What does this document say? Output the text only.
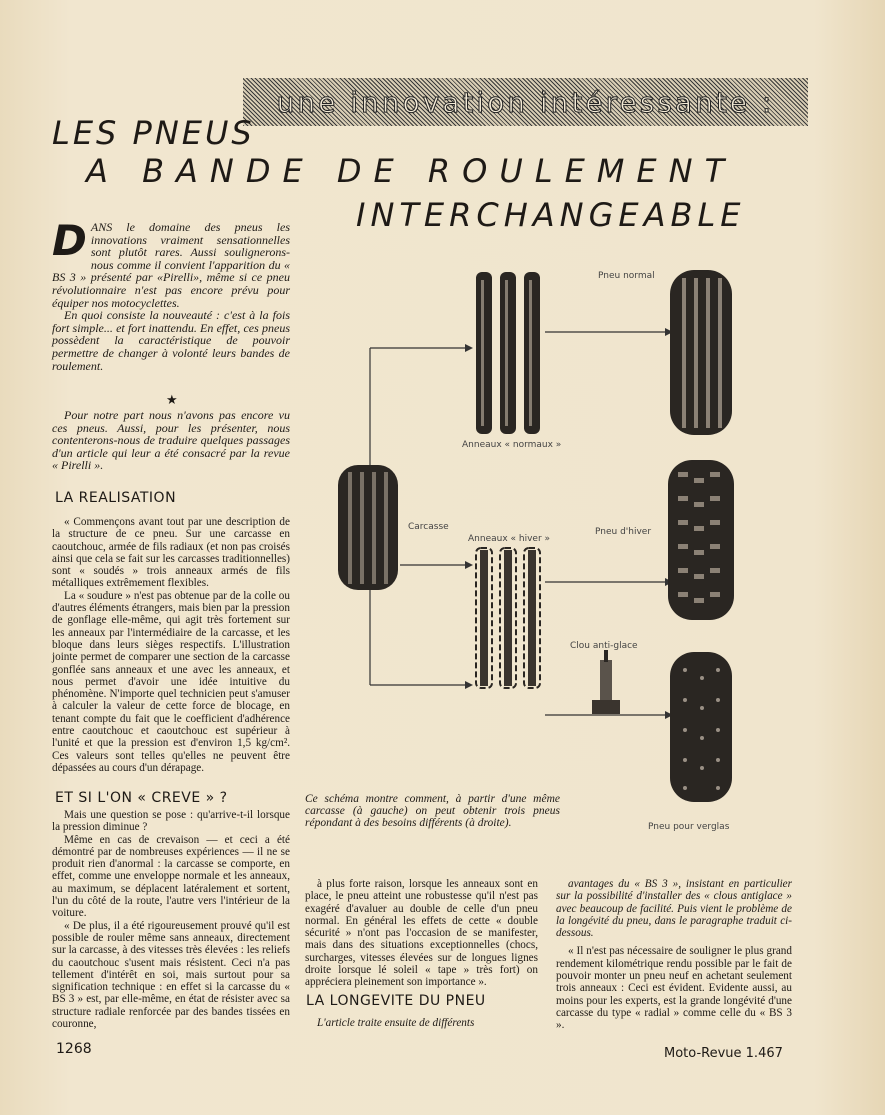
une innovation intéressante :
LES PNEUS
A BANDE DE ROULEMENT
INTERCHANGEABLE
D ANS le domaine des pneus les innovations vraiment sensationnelles sont plutôt rares. Aussi soulignerons-nous comme il convient l'apparition du « BS 3 » présenté par «Pirelli», même si ce pneu révolutionnaire n'est pas encore prévu pour équiper nos motocyclettes.

En quoi consiste la nouveauté : c'est à la fois fort simple... et fort inattendu. En effet, ces pneus possèdent la caractéristique de pouvoir permettre de changer à volonté leurs bandes de roulement.

★

Pour notre part nous n'avons pas encore vu ces pneus. Aussi, pour les présenter, nous contenterons-nous de traduire quelques passages d'un article qui leur a été consacré par la revue « Pirelli ».

LA REALISATION

« Commençons avant tout par une description de la structure de ce pneu. Sur une carcasse en caoutchouc, armée de fils radiaux (et non pas croisés ainsi que cela se fait sur les carcasses traditionnelles) sont « soudés » trois anneaux armés de fils métalliques extrêmement flexibles.

La « soudure » n'est pas obtenue par de la colle ou d'autres éléments étrangers, mais bien par la pression de gonflage elle-même, qui agit très fortement sur les anneaux par l'intermédiaire de la carcasse, et les bloque dans leurs sièges respectifs. L'illustration jointe permet de comparer une section de la carcasse gonflée sans anneaux et une avec les anneaux, et nous permet d'avoir une idée intuitive du phénomène. N'importe quel technicien peut s'amuser à calculer la valeur de cette force de blocage, en tenant compte du fait que le coefficient d'adhérence entre caoutchouc et caoutchouc est supérieur à l'unité et que la pression est d'environ 1,5 kg/cm². Ces valeurs sont telles qu'elles ne peuvent être dépassées au cours d'un dérapage.

ET SI L'ON « CREVE » ?

Mais une question se pose : qu'arrive-t-il lorsque la pression diminue ?

Même en cas de crevaison — et ceci a été démontré par de nombreuses expériences — il ne se produit rien d'anormal : la carcasse se comporte, en effet, comme une enveloppe normale et les anneaux, au maximum, se déplacent latéralement et sortent, l'un du côté de la route, l'autre vers l'intérieur de la voiture.

« De plus, il a été rigoureusement prouvé qu'il est possible de rouler même sans anneaux, directement sur la carcasse, à des vitesses très élevées : les reliefs du caoutchouc s'usent mais résistent. Ceci n'a pas tellement d'intérêt en soi, mais surtout pour sa signification technique : en effet si la carcasse du « BS 3 » est, par elle-même, en état de résister avec sa structure radiale renforcée par des bandes tissées en couronne,

Ce schéma montre comment, à partir d'une même carcasse (à gauche) on peut obtenir trois pneus répondant à des besoins différents (à droite).

à plus forte raison, lorsque les anneaux sont en place, le pneu atteint une robustesse qu'il n'est pas exagéré d'avaluer au double de celle d'un pneu normal. En général les effets de cette « double sécurité » n'ont pas l'occasion de se manifester, mais dans des situations exceptionnelles (chocs, surcharges, vitesses élevées sur de longues lignes droite lorsque lé soleil « tape » très fort) on appréciera pleinement son importance ».

LA LONGEVITE DU PNEU

L'article traite ensuite de différents

avantages du « BS 3 », insistant en particulier sur la possibilité d'installer des « clous antiglace » avec beaucoup de facilité. Puis vient le problème de la longévité du pneu, dans le paragraphe traduit ci-dessous.

« Il n'est pas nécessaire de souligner le plus grand rendement kilométrique rendu possible par le fait de pouvoir monter un pneu neuf en achetant seulement trois anneaux : Ceci est évident. Evidente aussi, au moins pour les experts, est la grande longévité d'une carcasse du type « radial » comme celle du « BS 3 ».

Pneu normal
Anneaux « normaux »
Carcasse
Anneaux « hiver »
Pneu d'hiver
Clou anti-glace
Pneu pour verglas
1268	Moto-Revue 1.467
